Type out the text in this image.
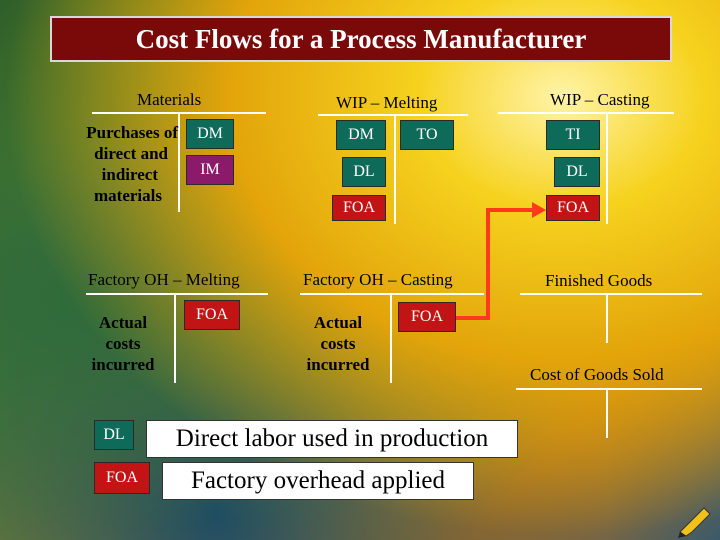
Cost Flows for a Process Manufacturer
Materials
Purchases of
direct and
indirect
materials
DM
IM
WIP – Melting
DM	TO
DL
FOA
WIP – Casting
TI
DL
FOA
Factory OH – Melting
Actual
costs
incurred
FOA
Factory OH – Casting
Actual
costs
incurred
FOA
Finished Goods
Cost of Goods Sold
DL	Direct labor used in production
FOA	Factory overhead applied
